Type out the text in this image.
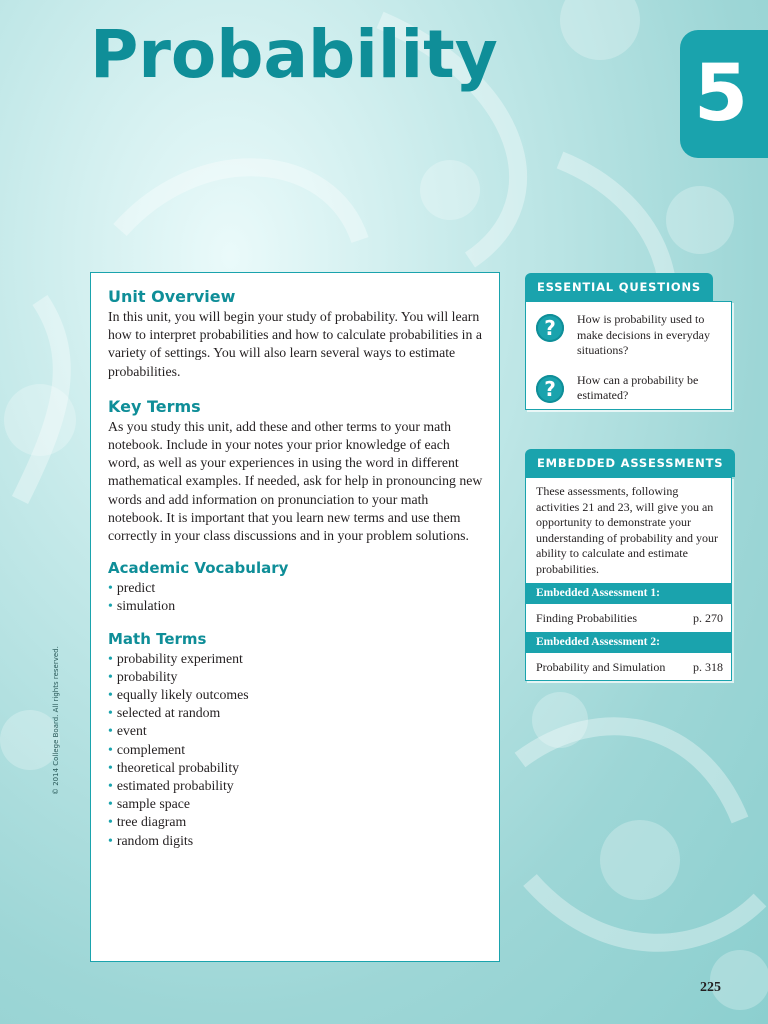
Probability	5
Unit Overview

In this unit, you will begin your study of probability. You will learn how to interpret probabilities and how to calculate probabilities in a variety of settings. You will also learn several ways to estimate probabilities.

Key Terms

As you study this unit, add these and other terms to your math notebook. Include in your notes your prior knowledge of each word, as well as your experiences in using the word in different mathematical examples. If needed, ask for help in pronouncing new words and add information on pronunciation to your math notebook. It is important that you learn new terms and use them correctly in your class discussions and in your problem solutions.

Academic Vocabulary
• predict
• simulation
Math Terms
• probability experiment
• probability
• equally likely outcomes
• selected at random
• event
• complement
• theoretical probability
• estimated probability
• sample space
• tree diagram
• random digits
ESSENTIAL QUESTIONS
? How is probability used to make decisions in everyday situations?
? How can a probability be estimated?
EMBEDDED ASSESSMENTS
These assessments, following activities 21 and 23, will give you an opportunity to demonstrate your understanding of probability and your ability to calculate and estimate probabilities.
Embedded Assessment 1:
Finding Probabilities	p. 270
Embedded Assessment 2:
Probability and Simulation p. 318
© 2014 College Board. All rights reserved.
225
